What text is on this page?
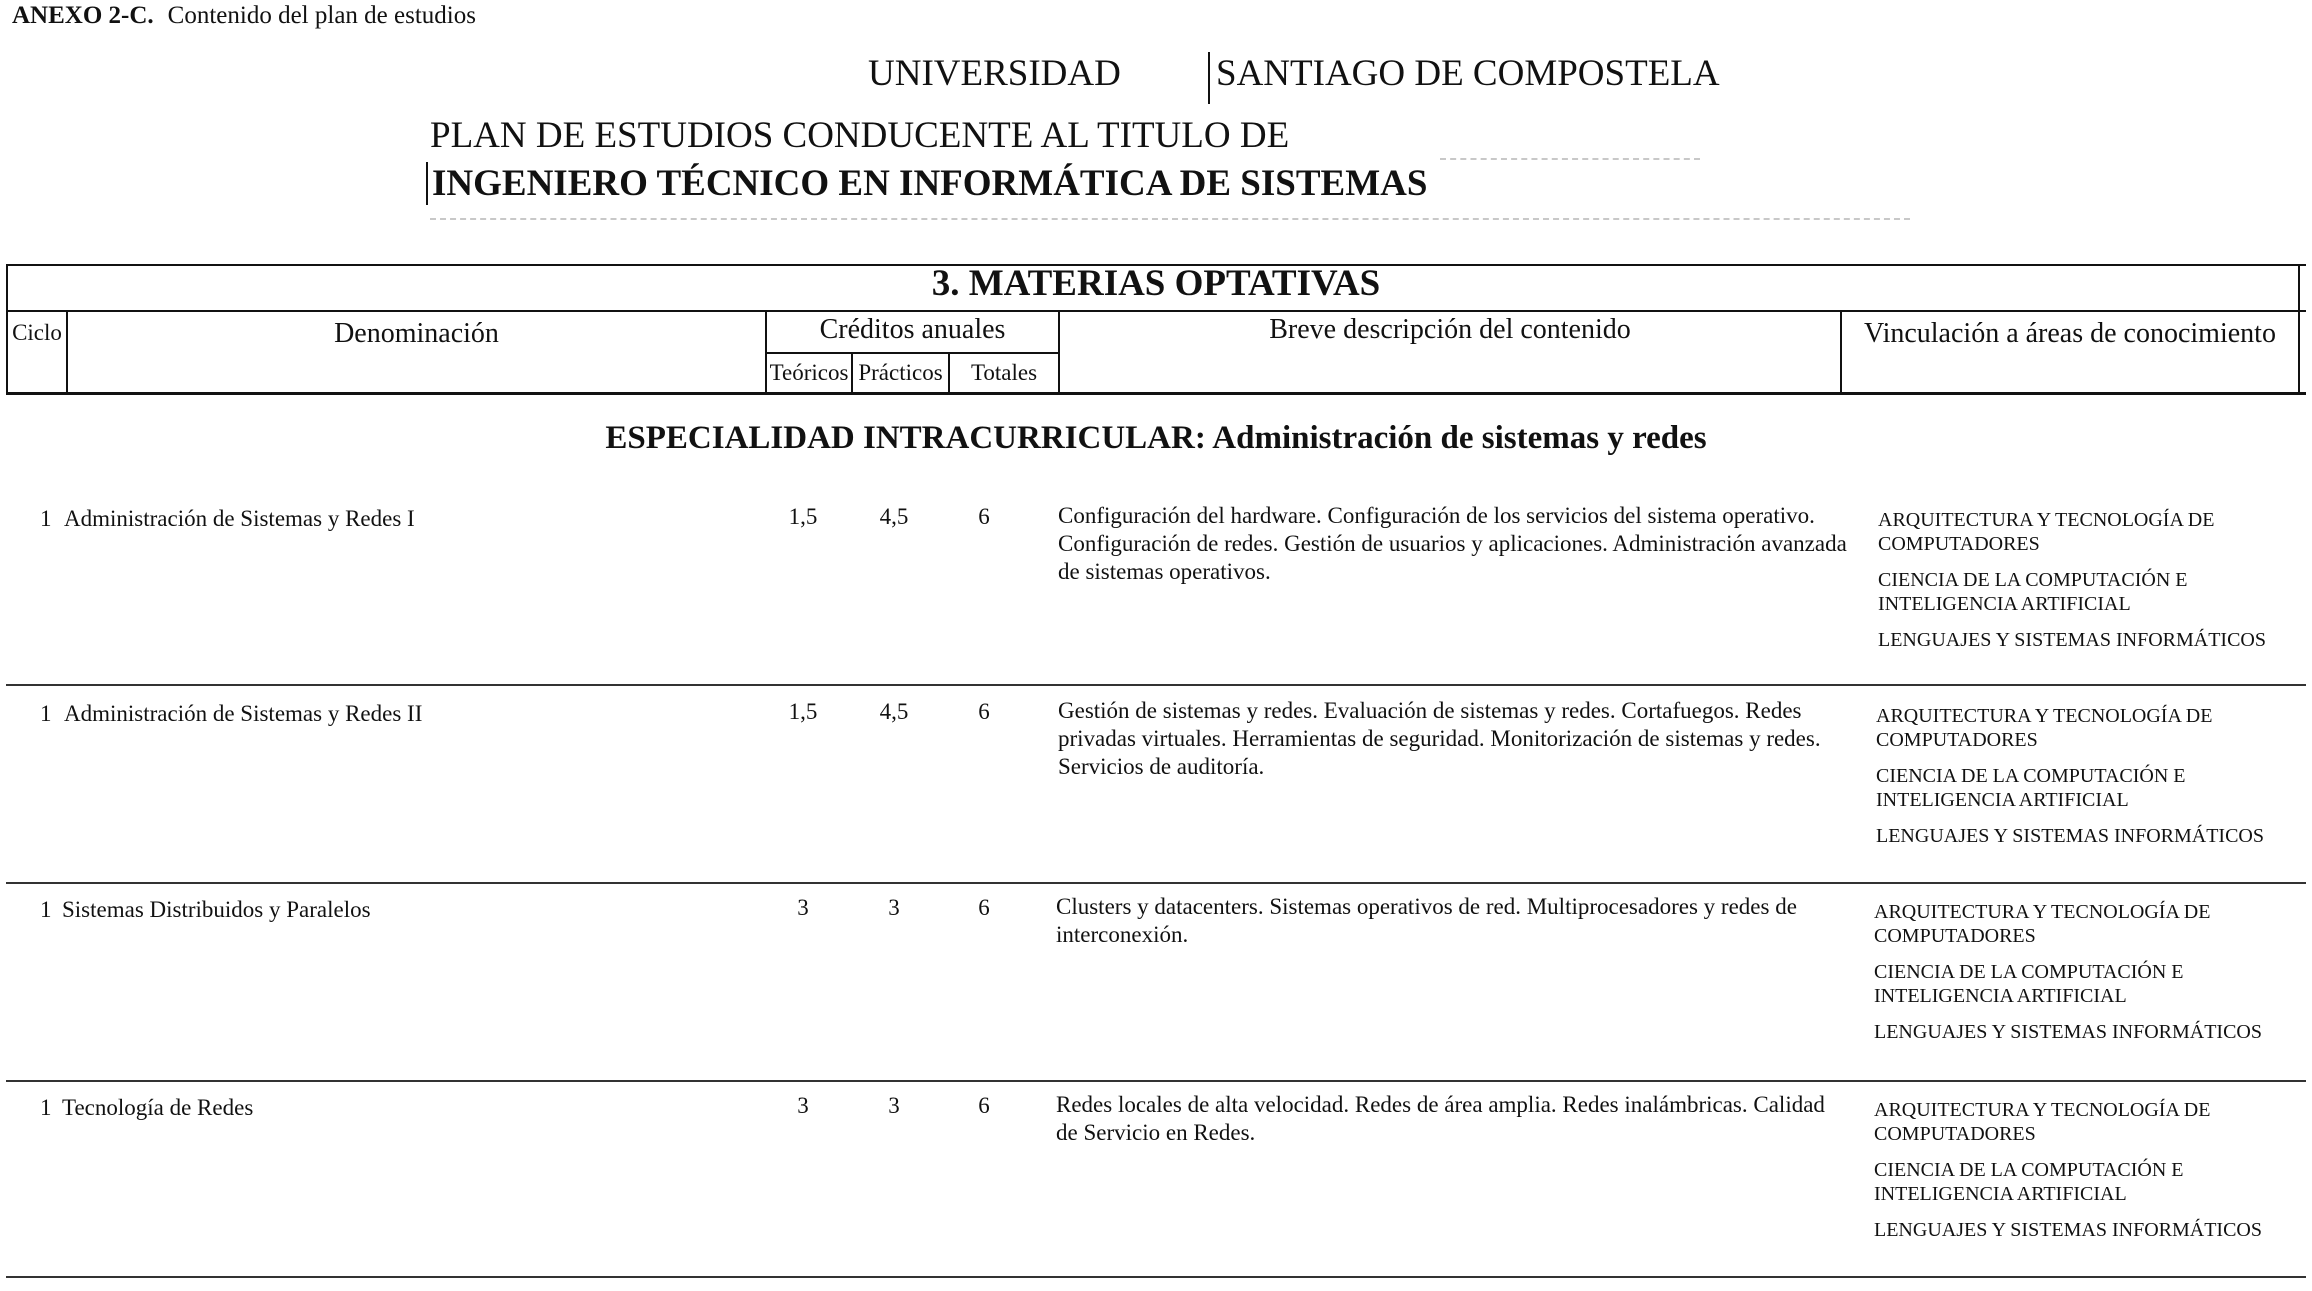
ANEXO 2-C. Contenido del plan de estudios
UNIVERSIDAD	SANTIAGO DE COMPOSTELA
PLAN DE ESTUDIOS CONDUCENTE AL TITULO DE
INGENIERO TÉCNICO EN INFORMÁTICA DE SISTEMAS
3. MATERIAS OPTATIVAS
Ciclo	Denominación	Créditos anuales
Teóricos Prácticos	Totales
Breve descripción del contenido	Vinculación a áreas de conocimiento
ESPECIALIDAD INTRACURRICULAR: Administración de sistemas y redes
1 Administración de Sistemas y Redes I	1,5	4,5	6	Configuración del hardware. Configuración de los servicios del sistema operativo. Configuración de redes. Gestión de usuarios y aplicaciones. Administración avanzada de sistemas operativos.
ARQUITECTURA Y TECNOLOGÍA DE COMPUTADORES
CIENCIA DE LA COMPUTACIÓN E INTELIGENCIA ARTIFICIAL
LENGUAJES Y SISTEMAS INFORMÁTICOS
1 Administración de Sistemas y Redes II	1,5	4,5	6	Gestión de sistemas y redes. Evaluación de sistemas y redes. Cortafuegos. Redes privadas virtuales. Herramientas de seguridad. Monitorización de sistemas y redes. Servicios de auditoría.
ARQUITECTURA Y TECNOLOGÍA DE COMPUTADORES
CIENCIA DE LA COMPUTACIÓN E INTELIGENCIA ARTIFICIAL
LENGUAJES Y SISTEMAS INFORMÁTICOS
1 Sistemas Distribuidos y Paralelos	3	3	6	Clusters y datacenters. Sistemas operativos de red. Multiprocesadores y redes de interconexión.
ARQUITECTURA Y TECNOLOGÍA DE COMPUTADORES
CIENCIA DE LA COMPUTACIÓN E INTELIGENCIA ARTIFICIAL
LENGUAJES Y SISTEMAS INFORMÁTICOS
1 Tecnología de Redes	3	3	6	Redes locales de alta velocidad. Redes de área amplia. Redes inalámbricas. Calidad de Servicio en Redes.
ARQUITECTURA Y TECNOLOGÍA DE COMPUTADORES
CIENCIA DE LA COMPUTACIÓN E INTELIGENCIA ARTIFICIAL
LENGUAJES Y SISTEMAS INFORMÁTICOS
